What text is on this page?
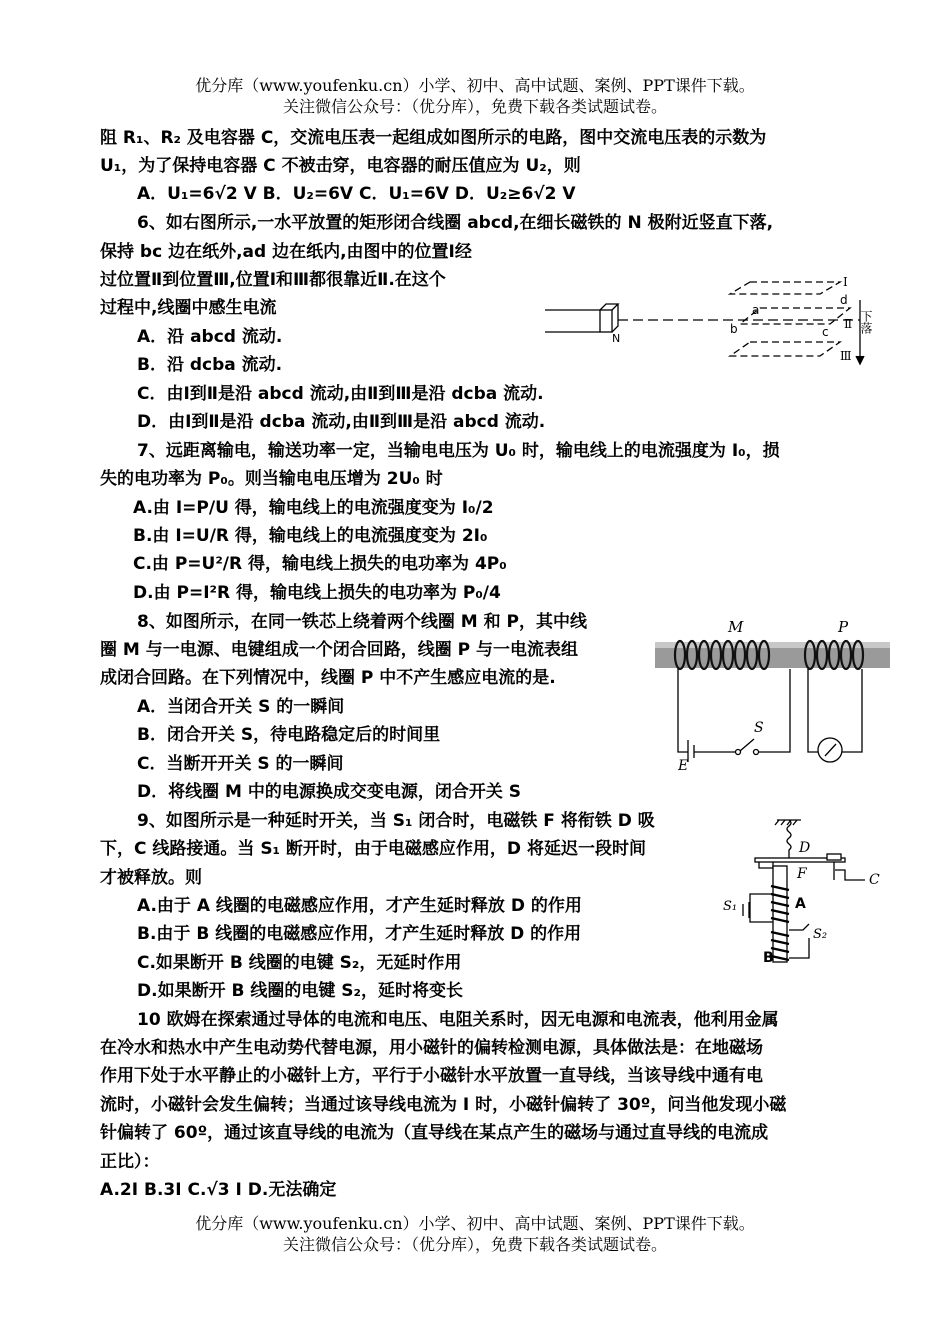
优分库（www.youfenku.cn）小学、初中、高中试题、案例、PPT课件下载。
关注微信公众号：（优分库），免费下载各类试题试卷。
阻 R₁、R₂ 及电容器 C，交流电压表一起组成如图所示的电路，图中交流电压表的示数为
U₁，为了保持电容器 C 不被击穿，电容器的耐压值应为 U₂，则
A．U₁=6√2 V B．U₂=6V C．U₁=6V D．U₂≥6√2 V
6、如右图所示,一水平放置的矩形闭合线圈 abcd,在细长磁铁的 N 极附近竖直下落,
保持 bc 边在纸外,ad 边在纸内,由图中的位置Ⅰ经
过位置Ⅱ到位置Ⅲ,位置Ⅰ和Ⅲ都很靠近Ⅱ.在这个
过程中,线圈中感生电流
A．沿 abcd 流动.
B．沿 dcba 流动.
C．由Ⅰ到Ⅱ是沿 abcd 流动,由Ⅱ到Ⅲ是沿 dcba 流动.
D．由Ⅰ到Ⅱ是沿 dcba 流动,由Ⅱ到Ⅲ是沿 abcd 流动.
N
Ⅰ
Ⅱ
Ⅲ
a
b	c
d
下落
7、远距离输电，输送功率一定，当输电电压为 U₀ 时，输电线上的电流强度为 I₀，损
失的电功率为 P₀。则当输电电压增为 2U₀ 时
A.由 I=P/U 得，输电线上的电流强度变为 I₀/2
B.由 I=U/R 得，输电线上的电流强度变为 2I₀
C.由 P=U²/R 得，输电线上损失的电功率为 4P₀
D.由 P=I²R 得，输电线上损失的电功率为 P₀/4
8、如图所示，在同一铁芯上绕着两个线圈 M 和 P，其中线
圈 M 与一电源、电键组成一个闭合回路，线圈 P 与一电流表组
成闭合回路。在下列情况中，线圈 P 中不产生感应电流的是.
A．当闭合开关 S 的一瞬间
B．闭合开关 S，待电路稳定后的时间里
C．当断开开关 S 的一瞬间
D．将线圈 M 中的电源换成交变电源，闭合开关 S
M	P
S
E
9、如图所示是一种延时开关，当 S₁ 闭合时，电磁铁 F 将衔铁 D 吸
下，C 线路接通。当 S₁ 断开时，由于电磁感应作用，D 将延迟一段时间
才被释放。则
A.由于 A 线圈的电磁感应作用，才产生延时释放 D 的作用
B.由于 B 线圈的电磁感应作用，才产生延时释放 D 的作用
C.如果断开 B 线圈的电键 S₂，无延时作用
D.如果断开 B 线圈的电键 S₂，延时将变长
D
F	C
A
B
S₁
S₂
10 欧姆在探索通过导体的电流和电压、电阻关系时，因无电源和电流表，他利用金属
在冷水和热水中产生电动势代替电源，用小磁针的偏转检测电源，具体做法是：在地磁场
作用下处于水平静止的小磁针上方，平行于小磁针水平放置一直导线，当该导线中通有电
流时，小磁针会发生偏转；当通过该导线电流为 I 时，小磁针偏转了 30º，问当他发现小磁
针偏转了 60º，通过该直导线的电流为（直导线在某点产生的磁场与通过直导线的电流成
正比）：
A.2I B.3I C.√3 I D.无法确定
优分库（www.youfenku.cn）小学、初中、高中试题、案例、PPT课件下载。
关注微信公众号：（优分库），免费下载各类试题试卷。
